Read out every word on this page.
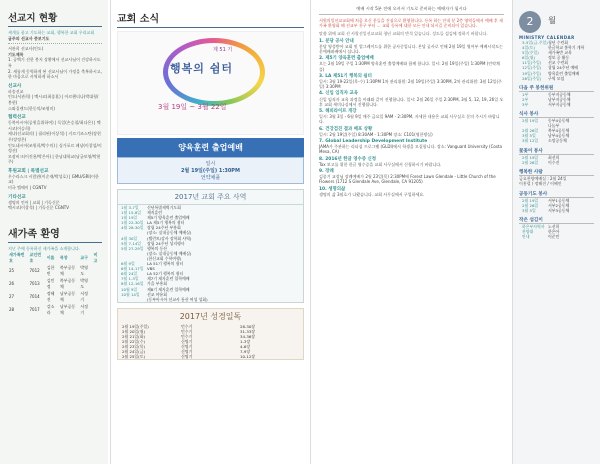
선교지 현황
세계를 품고 기도하는 교회, 행복한 교회 우리교회
금주의 선교사 중보기도
서관희 선교사(인도)
기도제목
1. 공백기 선한 봉지 상황에서 선교사님이 건강하시도록
2. 새롭게 동역하게 된 선교사님이 가정을 축복하시고, 한 마음으로 사역하게 하소서
선교사
파송선교
인도(서관희) | 멕시코(최종훈) | 아르헨티나(박대형/봉현)
스와질랜드(한동익/조영미)
협력선교
동북아시아(공원을위하여) | 독일(손승철/최다은) | 멕시코(이승희)
케냐(선교회의) | 필리핀(이상석) | 키르기즈스탄(장현우/장정은)
인도네시아(조원희/박수미) | 싱가포르 페낭(이창섭/이정선)
모잠비크(이진용/박은아) | 한남대학교(남궁보영/박현주)
후원교회 | 특별선교
우수라스크 시람관(이순재/박성호) | GMU/GRI(이한교)
미국 엘에이 | CGNTV
기타선교
생명의 언어 | 교회 | 기독신문
멕시코(이창석) | 기독신문 CGNTV
새가족 환영
지난 주에 등록하신 새가족을 소개합니다.
새가족번호	교인번호	이름	목장	교구	비고
25	7012	김한빈	북부공동체	박영도	
26	7013	김민정	북부공동체	박영도	
27	7014	정혜진	남부공동체	서정기	
28	7017	강소라	남부공동체	서정기	
교회 소식
제 51 기
행복의 쉼터
3월 19일 ~ 3월 22일
양육훈련 출업예배
일시
2월 19일(주일) 1:30PM
언약채플
2017년 교회 주요 사역
1월 3-7일	신년특별새벽기도회
1월 15-8일	제직훈련
1월 19일	제5기 양육훈련 출업예배
1월 22-30일 LA 제5기 행복의 쉼터
4월 28-30일 장립 24주년 부흥회
(장소: 실내공동체 예배실)
4월 30일	(탤런트/강사 장학회 사역)
5월 7-14일	장립 24주년 성지행사
5월 27-29일 행복의 동산
(장소: 실내공동체 예배실)
(한신교회 수학여행)
6월 9일	LA 51기 행복의 쉼터
6월 14-17일 VBS
6월 24일	LA 52기 행복의 쉼터
7월 1-3일	제7기 제자훈련 입학예배
8월 12-16일 가을 부흥회
10월 9일	제8기 제자훈련 입학예배
10월 14일	선교 야유회
(동부아시아 선교사 통산 여성 성회)
2017년 성경일독
2월 19일(주일)	민수기	28-30장
2월 20일(월)	민수기	31-33장
2월 21일(화)	민수기	34-36장
2월 22일(수)	신명기	1-3장
2월 23일(목)	신명기	4-6장
2월 24일(금)	신명기	7-9장
2월 25일(토)	신명기	10-12장
예배 시작 5분 전에 오셔서 기도로 준비하는 예배자가 됩시다
서원의일선교교회에 처음 오신 분들을 진심으로 환영합니다. 등록 하는 안내 분 2층 영역들에서 예배 후 새가족 환영회 해 선교부 친구 부터 ... 교회 등록에 대한 모든 안내 되시길 준비되어 있습니다.
말씀 위에 교회 선 사랑선일선교교회 청년 교회의 반석 있습니다. 성도들 섬김에 정하기 바랍니다.
1. 분당 공사 안내
분당 영성받아 교회 및 업그레이드를 위한 공사중입니다. 본당 공사로 인해 2월 19일 영어부 예배시작도는 운예배좌배에서 십니다.
2. 제5기 양육훈련 출업예배
오는 2월 19일 주일 1:30PM 양육훈련 출업예배와 함께 합니다. 일시: 2월 19일(주일) 1:30PM (언약채플)
3. LA 제51기 행복의 쉼터
일시: 3월 19-22일(목-수) 1:30PM 1차 관리위원: 2월 19일(주일) 3:30PM, 2차 관리위원: 3월 12일(주일) 3:30PM
4. 신입 임직자 교육
신입 임직자 교육 과정을 아래와 같이 진행합니다. 일시: 2월 26일 주일 2:30PM, 3월 5, 12, 19, 26일 오후 교회 세미나실에서 진행됩니다.
5. 해피라이프 개강
일시: 3월 3일 - 6월 9일 매주 금요일 9AM - 2:30PM, 자세한 내용은 교회 사무실로 문의 주시기 바랍니다.
6. 건강검진 결과 배포 상황
일시: 2월 19일(주일) 8:30AM - 1:30PM 장소: C101(영한방실)
7. Global Leadership Development Institute
JAMA가 주관하는 리더십 프로그램 (GLDI)에서 학생을 모집합니다. 장소: Vanguard University (Costa Mesa, CA)
8. 2016년 한글 영수증 신청
Tax 보고를 위한 한글 영수증을 교회 사무실에서 신청하시기 바랍니다.
9. 장례
김종기 교장님 장례예배가 2월 23일(목) 2:30PM에 Forest Lawn Glendale - Little Church of the Flowers (1712 S Glendale Ave, Glendale, CA 91205)
10. 생명의삶
생명의 삶 3월호가 나왔습니다. 교회 사무실에서 구입하세요.
2 월
MINISTRY CALENDAR
3-5일(금-주일) 청년 수련회
4일(토)	한글학교 봄학기 개학
5일(주일)	새가족반 교육
6일(월)	정보 공 활동
11일(주일)	선교 수련회
12일(주일)	창립 24주년 예배
19일(주일)	양육훈련 출업예배
26일(주일)	구역 모임
다음 주 봉헌위원
1부	동부지공동체
2부	남부지공동체
3부	서부지공동체
식사 봉사
2월 19일	동부4공동체
나눔부
2월 26일	북부4공동체
3월 5일	남부4공동체
3월 12일	소망공동체
꽃꽂이 봉사
2월 19일	최선희
2월 26일	이수진
행복한 사람
금요찬양예배실 : 2월 24일
이홍렬 / 정해진 / 이혜인
공동기도 봉사
2월 19일	서부1공동체
2월 26일	서부2공동체
3월 5일	서부3공동체
작은 섬김이
하은부사역자 노선희
찬양대	한은아
안내	이준민
